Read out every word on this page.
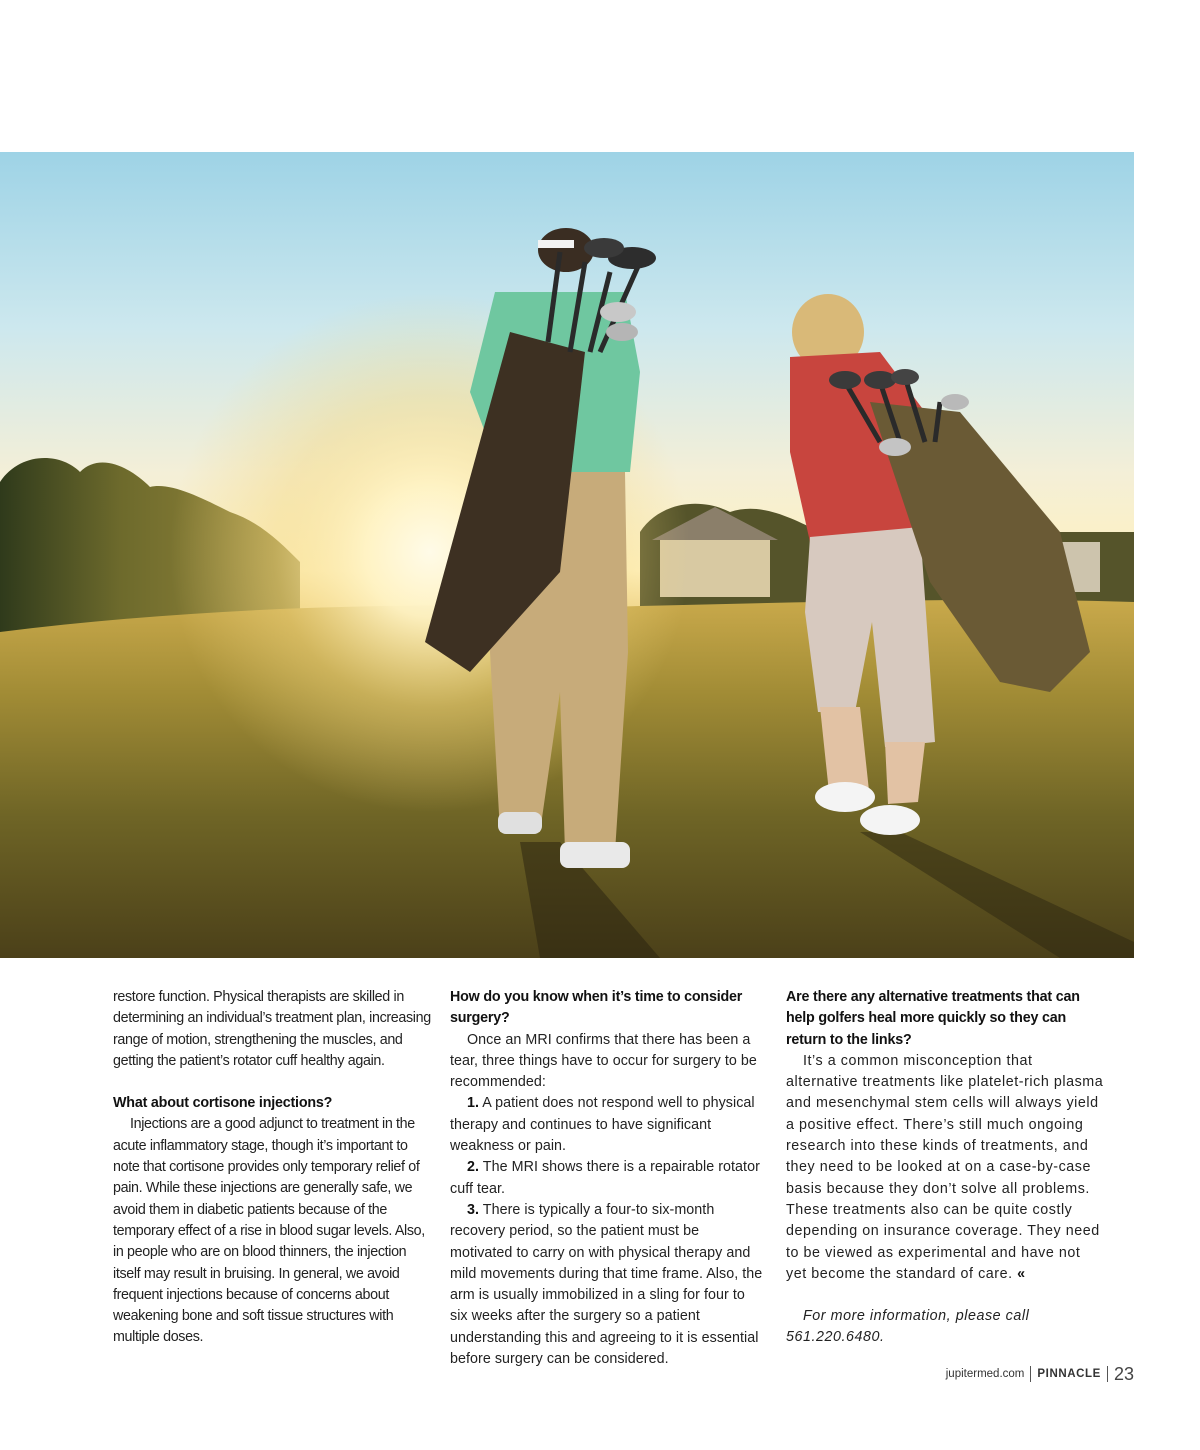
restore function. Physical therapists are skilled in determining an individual’s treatment plan, increasing range of motion, strengthening the muscles, and getting the patient’s rotator cuff healthy again.

What about cortisone injections?

Injections are a good adjunct to treatment in the acute inflammatory stage, though it’s important to note that cortisone provides only temporary relief of pain. While these injections are generally safe, we avoid them in diabetic patients because of the temporary effect of a rise in blood sugar levels. Also, in people who are on blood thinners, the injection itself may result in bruising. In general, we avoid frequent injections because of concerns about weakening bone and soft tissue structures with multiple doses.

How do you know when it’s time to consider surgery?

Once an MRI confirms that there has been a tear, three things have to occur for surgery to be recommended:

1. A patient does not respond well to physical therapy and continues to have significant weakness or pain.

2. The MRI shows there is a repairable rotator cuff tear.

3. There is typically a four-to six-month recovery period, so the patient must be motivated to carry on with physical therapy and mild movements during that time frame. Also, the arm is usually immobilized in a sling for four to six weeks after the surgery so a patient understanding this and agreeing to it is essential before surgery can be considered.

Are there any alternative treatments that can help golfers heal more quickly so they can return to the links?

It’s a common misconception that alternative treatments like platelet-rich plasma and mesenchymal stem cells will always yield a positive effect. There’s still much ongoing research into these kinds of treatments, and they need to be looked at on a case-by-case basis because they don’t solve all problems. These treatments also can be quite costly depending on insurance coverage. They need to be viewed as experimental and have not yet become the standard of care. «

For more information, please call 561.220.6480.

jupitermed.com PINNACLE 23
